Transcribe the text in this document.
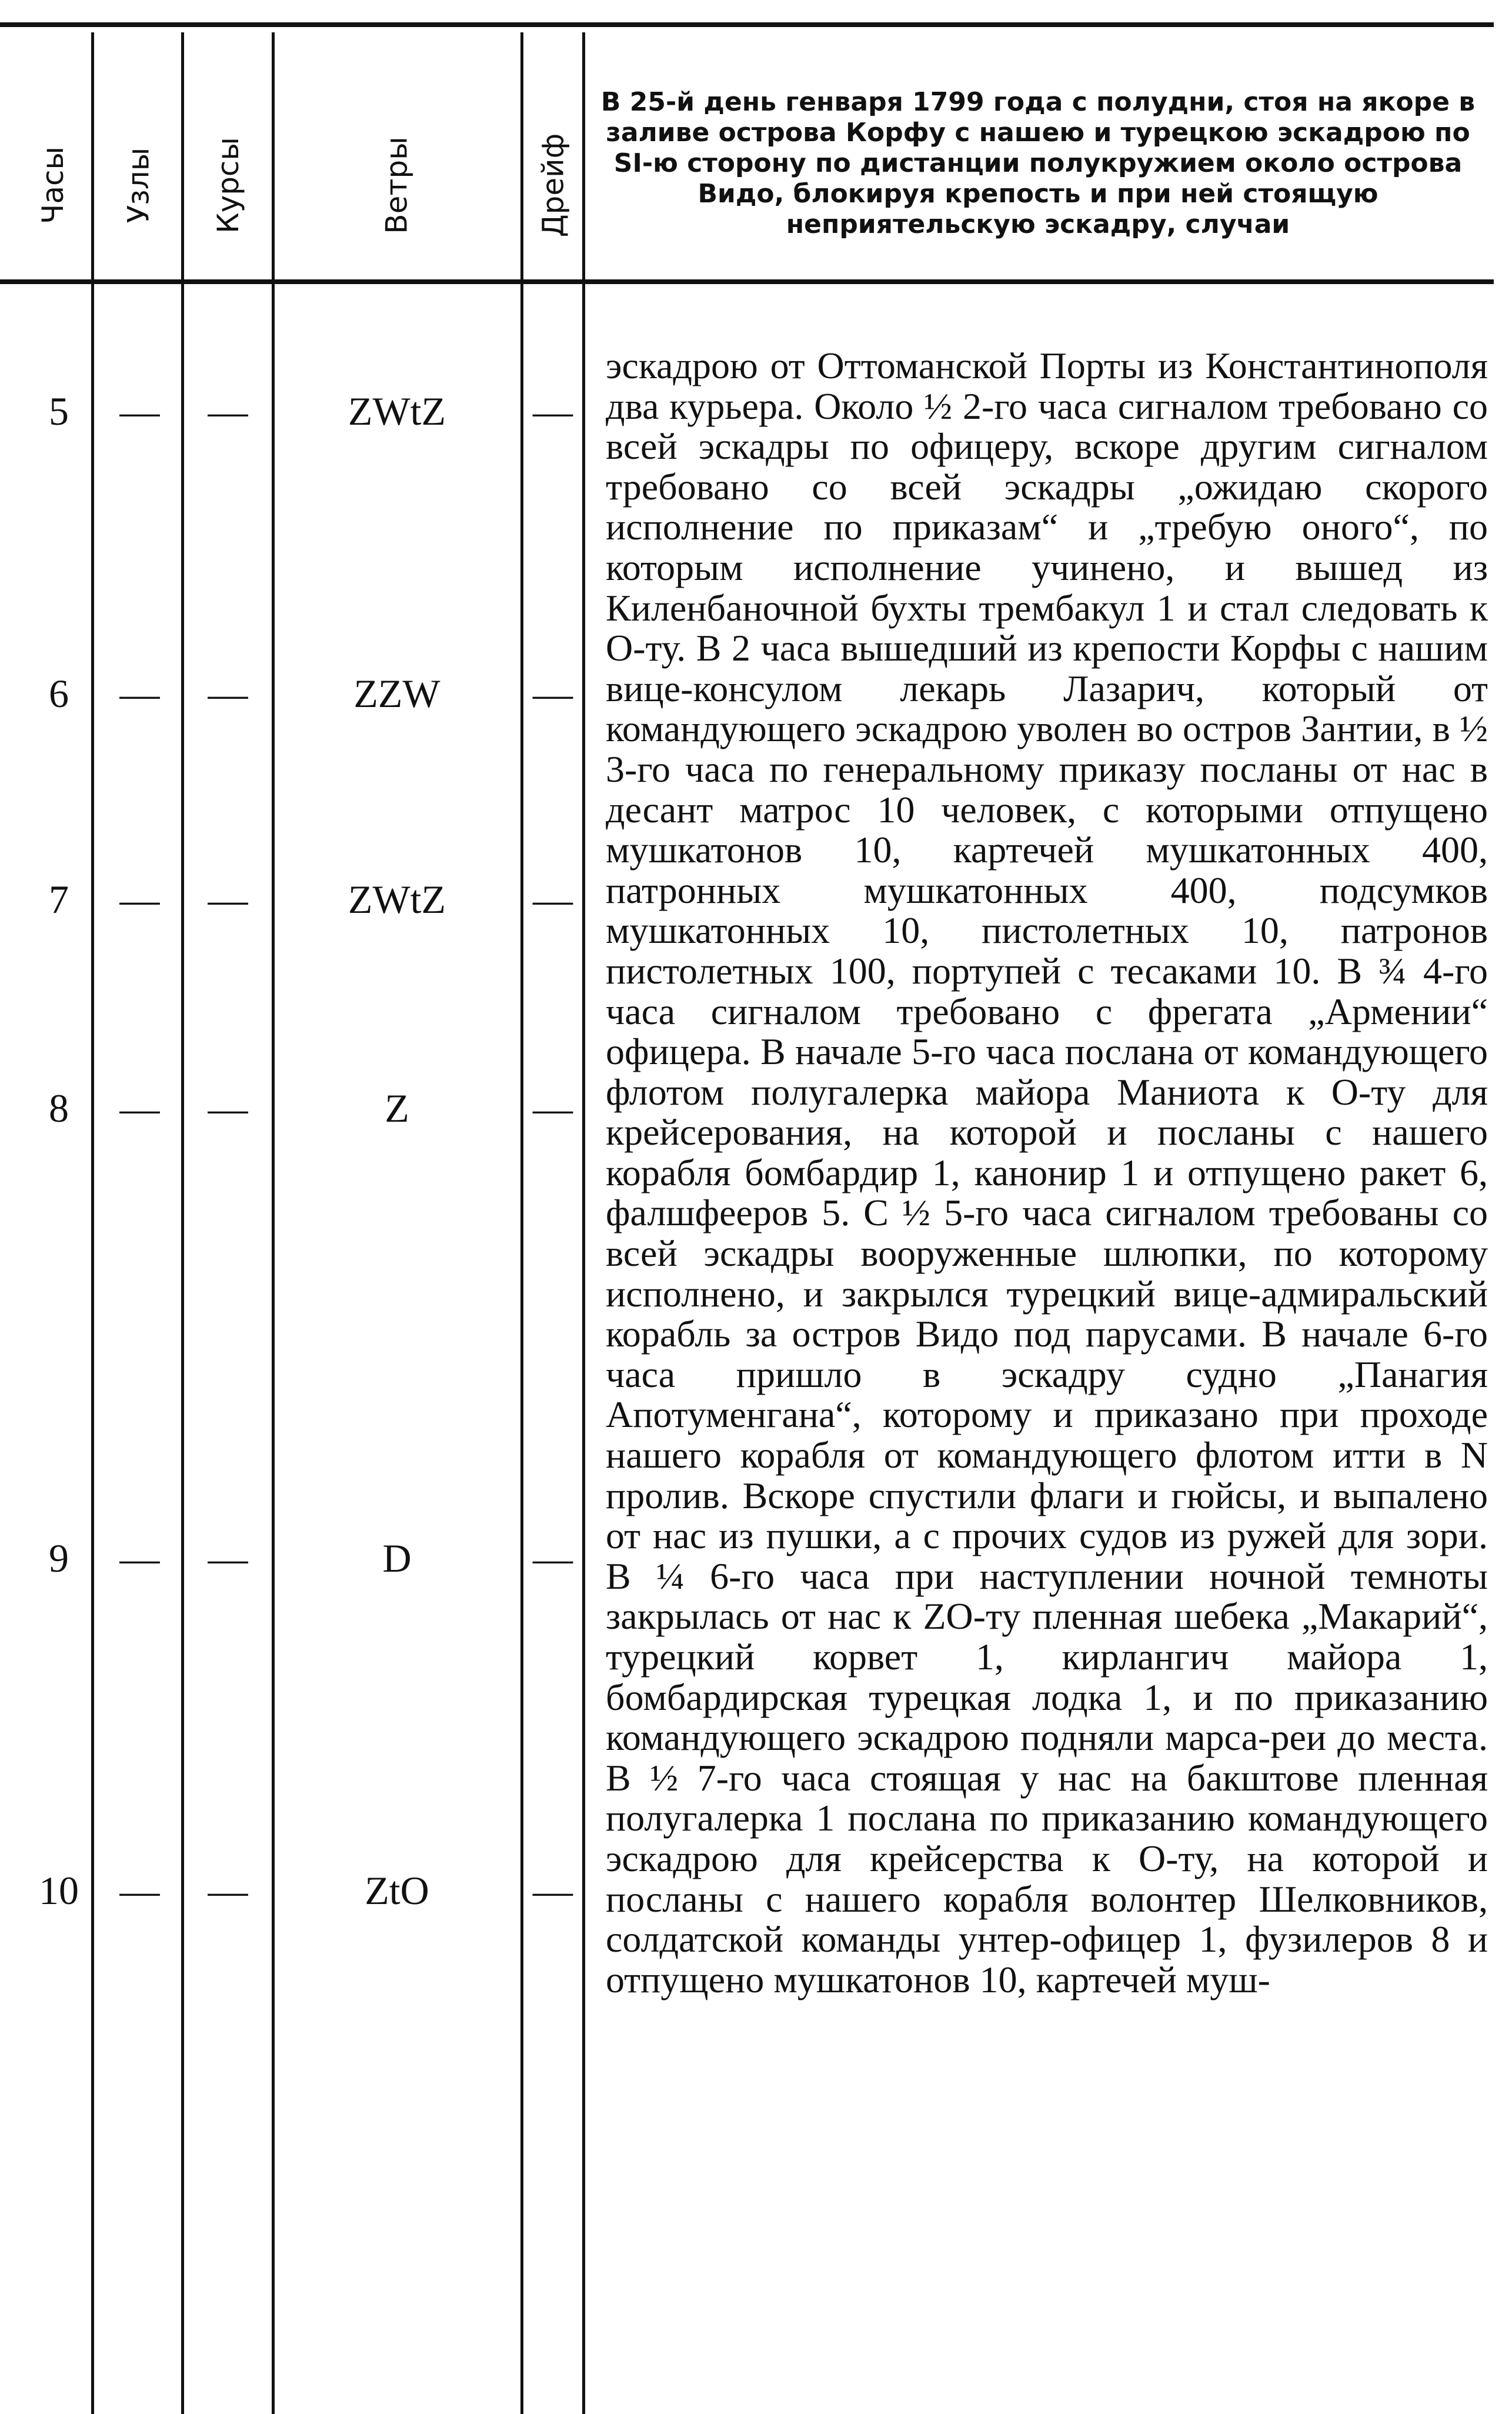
Часы Узлы Курсы	Ветры	Дрейф
В 25-й день генваря 1799 года с полудни, стоя на якоре в заливе острова Корфу с нашею и турецкою эскадрою по SI-ю сторону по дистанции полукружием около острова Видо, блокируя крепость и при ней стоящую неприятельскую эскадру, случаи
5	—	—	ZWtZ	—
6	—	—	ZZW	—
7	—	—	ZWtZ	—
8	—	—	Z	—
9	—	—	D	—
10	—	—	ZtO	—
эскадрою от Оттоманской Порты из Константинополя два курьера. Около ½ 2-го часа сигналом требовано со всей эскадры по офицеру, вскоре другим сигналом требовано со всей эскадры „ожидаю скорого исполнение по приказам“ и „требую оного“, по которым исполнение учинено, и вышед из Киленбаночной бухты трембакул 1 и стал следовать к О-ту. В 2 часа вышедший из крепости Корфы с нашим вице-консулом лекарь Лазарич, который от командующего эскадрою уволен во остров Зантии, в ½ 3-го часа по генеральному приказу посланы от нас в десант матрос 10 человек, с которыми отпущено мушкатонов 10, картечей мушкатонных 400, патронных мушкатонных 400, подсумков мушкатонных 10, пистолетных 10, патронов пистолетных 100, портупей с тесаками 10. В ¾ 4-го часа сигналом требовано с фрегата „Армении“ офицера. В начале 5-го часа послана от командующего флотом полугалерка майора Маниота к О-ту для крейсерования, на которой и посланы с нашего корабля бомбардир 1, канонир 1 и отпущено ракет 6, фалшфееров 5. С ½ 5-го часа сигналом требованы со всей эскадры вооруженные шлюпки, по которому исполнено, и закрылся турецкий вице-адмиральский корабль за остров Видо под парусами. В начале 6-го часа пришло в эскадру судно „Панагия Апотуменгана“, которому и приказано при проходе нашего корабля от командующего флотом итти в N пролив. Вскоре спустили флаги и гюйсы, и выпалено от нас из пушки, а с прочих судов из ружей для зори. В ¼ 6-го часа при наступлении ночной темноты закрылась от нас к ZO-ту пленная шебека „Макарий“, турецкий корвет 1, кирлангич майора 1, бомбардирская турецкая лодка 1, и по приказанию командующего эскадрою подняли марса-реи до места. В ½ 7-го часа стоящая у нас на бакштове пленная полугалерка 1 послана по приказанию командующего эскадрою для крейсерства к О-ту, на которой и посланы с нашего корабля волонтер Шелковников, солдатской команды унтер-офицер 1, фузилеров 8 и отпущено мушкатонов 10, картечей муш-
